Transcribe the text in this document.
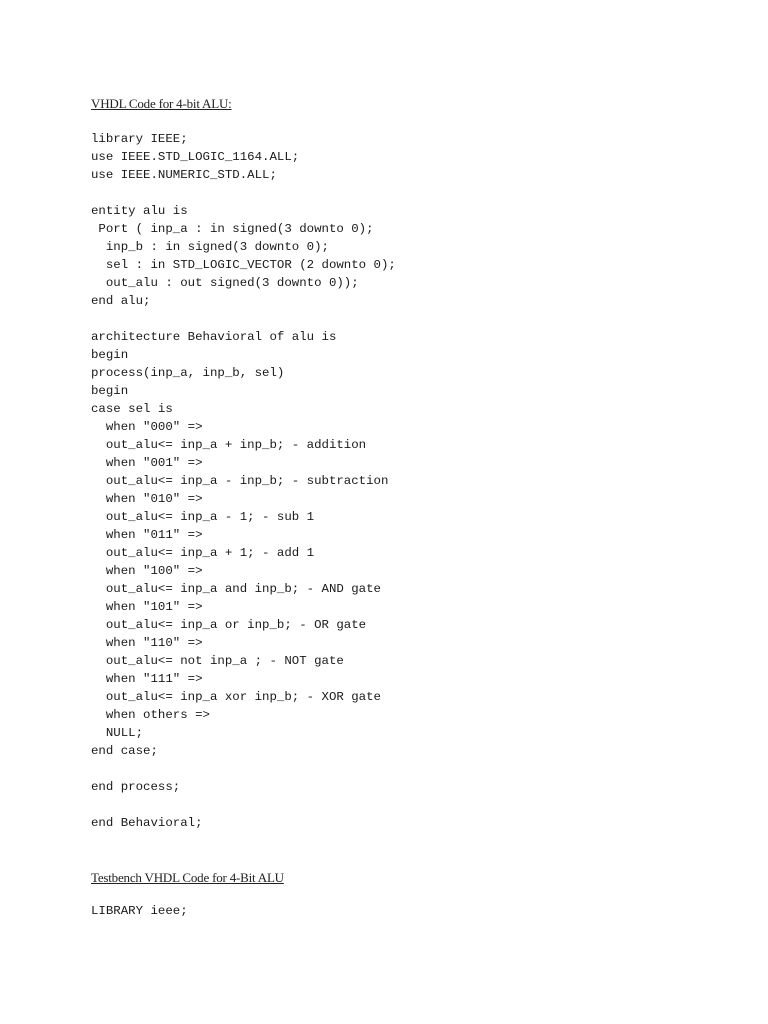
VHDL Code for 4-bit ALU:
library IEEE;
use IEEE.STD_LOGIC_1164.ALL;
use IEEE.NUMERIC_STD.ALL;

entity alu is
Port ( inp_a : in signed(3 downto 0);
inp_b : in signed(3 downto 0);
sel : in STD_LOGIC_VECTOR (2 downto 0);
out_alu : out signed(3 downto 0));
end alu;

architecture Behavioral of alu is
begin
process(inp_a, inp_b, sel)
begin
case sel is
when "000" =>
out_alu<= inp_a + inp_b; - addition
when "001" =>
out_alu<= inp_a - inp_b; - subtraction
when "010" =>
out_alu<= inp_a - 1; - sub 1
when "011" =>
out_alu<= inp_a + 1; - add 1
when "100" =>
out_alu<= inp_a and inp_b; - AND gate
when "101" =>
out_alu<= inp_a or inp_b; - OR gate
when "110" =>
out_alu<= not inp_a ; - NOT gate
when "111" =>
out_alu<= inp_a xor inp_b; - XOR gate
when others =>
NULL;
end case;

end process;

end Behavioral;
Testbench VHDL Code for 4-Bit ALU
LIBRARY ieee;
